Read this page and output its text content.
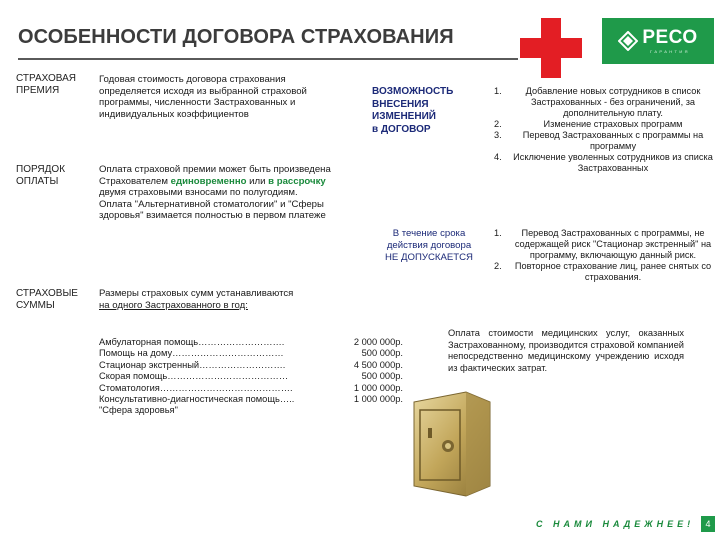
ОСОБЕННОСТИ ДОГОВОРА СТРАХОВАНИЯ	РЕСО
ГАРАНТИЯ
СТРАХОВАЯ
ПРЕМИЯ
Годовая стоимость договора страхования определяется исходя из выбранной страховой программы, численности Застрахованных и индивидуальных коэффициентов
ПОРЯДОК
ОПЛАТЫ
Оплата страховой премии может быть произведена Страхователем единовременно или в рассрочку двумя страховыми взносами по полугодиям.
Оплата "Альтернативной стоматологии" и "Сферы здоровья" взимается полностью в первом платеже
СТРАХОВЫЕ
СУММЫ
Размеры страховых сумм устанавливаются
на одного Застрахованного в год:
Амбулаторная помощь……………………….	2 000 000р.
Помощь на дому………………………………	500 000р.
Стационар экстренный……………………….	4 500 000р.
Скорая помощь…………………………………	500 000р.
Стоматология…………………………………….	1 000 000р.
Консультативно-диагностическая помощь…..	1 000 000р.
"Сфера здоровья"
ВОЗМОЖНОСТЬ
ВНЕСЕНИЯ
ИЗМЕНЕНИЙ
в ДОГОВОР
1.	Добавление новых сотрудников в список Застрахованных - без ограничений, за дополнительную плату.
2.	Изменение страховых программ
3.	Перевод Застрахованных с программы на программу
4.	Исключение уволенных сотрудников из списка Застрахованных
В течение срока
действия договора
НЕ ДОПУСКАЕТСЯ
1.	Перевод Застрахованных с программы, не содержащей риск "Стационар экстренный" на программу, включающую данный риск.
2.	Повторное страхование лиц, ранее снятых со страхования.
Оплата стоимости медицинских услуг, оказанных Застрахованному, производится страховой компанией непосредственно медицинскому учреждению исходя из фактических затрат.
С НАМИ НАДЕЖНЕЕ!	4
